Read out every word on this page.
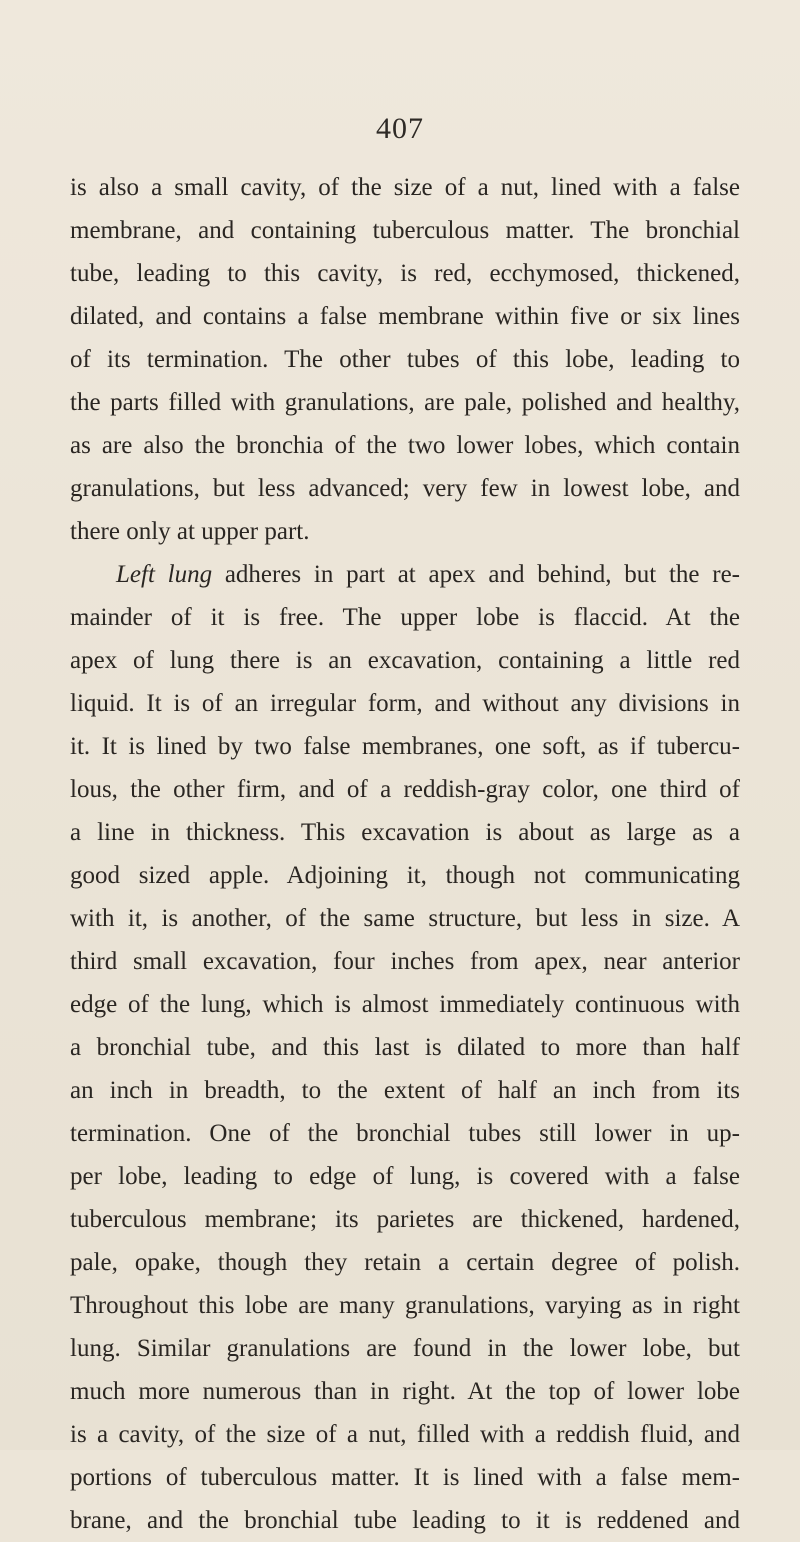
407
is also a small cavity, of the size of a nut, lined with a false
membrane, and containing tuberculous matter. The bronchial
tube, leading to this cavity, is red, ecchymosed, thickened,
dilated, and contains a false membrane within five or six lines
of its termination. The other tubes of this lobe, leading to
the parts filled with granulations, are pale, polished and healthy,
as are also the bronchia of the two lower lobes, which contain
granulations, but less advanced; very few in lowest lobe, and
there only at upper part.
Left lung adheres in part at apex and behind, but the re-
mainder of it is free. The upper lobe is flaccid. At the
apex of lung there is an excavation, containing a little red
liquid. It is of an irregular form, and without any divisions in
it. It is lined by two false membranes, one soft, as if tubercu-
lous, the other firm, and of a reddish-gray color, one third of
a line in thickness. This excavation is about as large as a
good sized apple. Adjoining it, though not communicating
with it, is another, of the same structure, but less in size. A
third small excavation, four inches from apex, near anterior
edge of the lung, which is almost immediately continuous with
a bronchial tube, and this last is dilated to more than half
an inch in breadth, to the extent of half an inch from its
termination. One of the bronchial tubes still lower in up-
per lobe, leading to edge of lung, is covered with a false
tuberculous membrane; its parietes are thickened, hardened,
pale, opake, though they retain a certain degree of polish.
Throughout this lobe are many granulations, varying as in right
lung. Similar granulations are found in the lower lobe, but
much more numerous than in right. At the top of lower lobe
is a cavity, of the size of a nut, filled with a reddish fluid, and
portions of tuberculous matter. It is lined with a false mem-
brane, and the bronchial tube leading to it is reddened and
